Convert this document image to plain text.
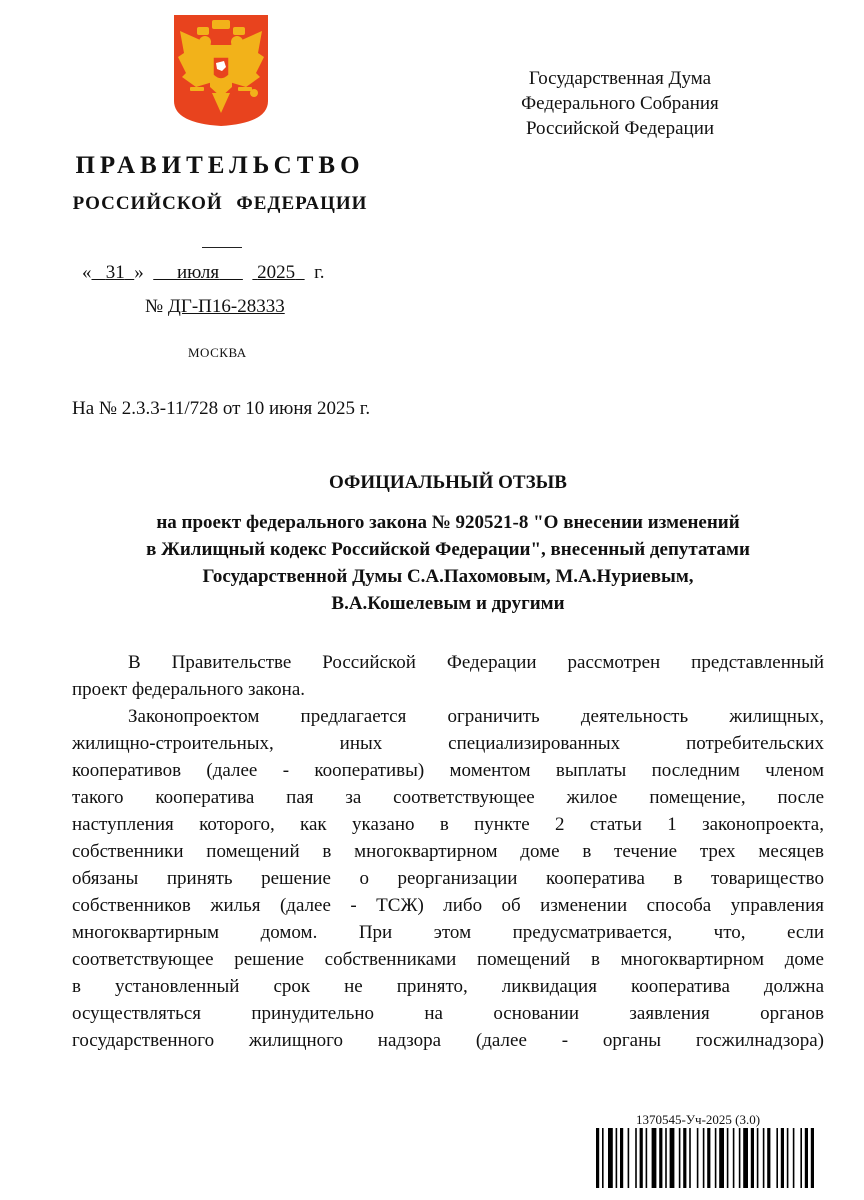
Государственная Дума
Федерального Собрания
Российской Федерации
ПРАВИТЕЛЬСТВО
РОССИЙСКОЙ ФЕДЕРАЦИИ
« 31 » июля 2025 г.
№ ДГ-П16-28333
МОСКВА
На № 2.3.3-11/728 от 10 июня 2025 г.
ОФИЦИАЛЬНЫЙ ОТЗЫВ
на проект федерального закона № 920521-8 "О внесении изменений
в Жилищный кодекс Российской Федерации", внесенный депутатами
Государственной Думы С.А.Пахомовым, М.А.Нуриевым,
В.А.Кошелевым и другими
В Правительстве Российской Федерации рассмотрен представленный
проект федерального закона.
Законопроектом предлагается ограничить деятельность жилищных,
жилищно-строительных, иных специализированных потребительских
кооперативов (далее - кооперативы) моментом выплаты последним членом
такого кооператива пая за соответствующее жилое помещение, после
наступления которого, как указано в пункте 2 статьи 1 законопроекта,
собственники помещений в многоквартирном доме в течение трех месяцев
обязаны принять решение о реорганизации кооператива в товарищество
собственников жилья (далее - ТСЖ) либо об изменении способа управления
многоквартирным домом. При этом предусматривается, что, если
соответствующее решение собственниками помещений в многоквартирном доме
в установленный срок не принято, ликвидация кооператива должна
осуществляться принудительно на основании заявления органов
государственного жилищного надзора (далее - органы госжилнадзора)
1370545-Уч-2025 (3.0)
